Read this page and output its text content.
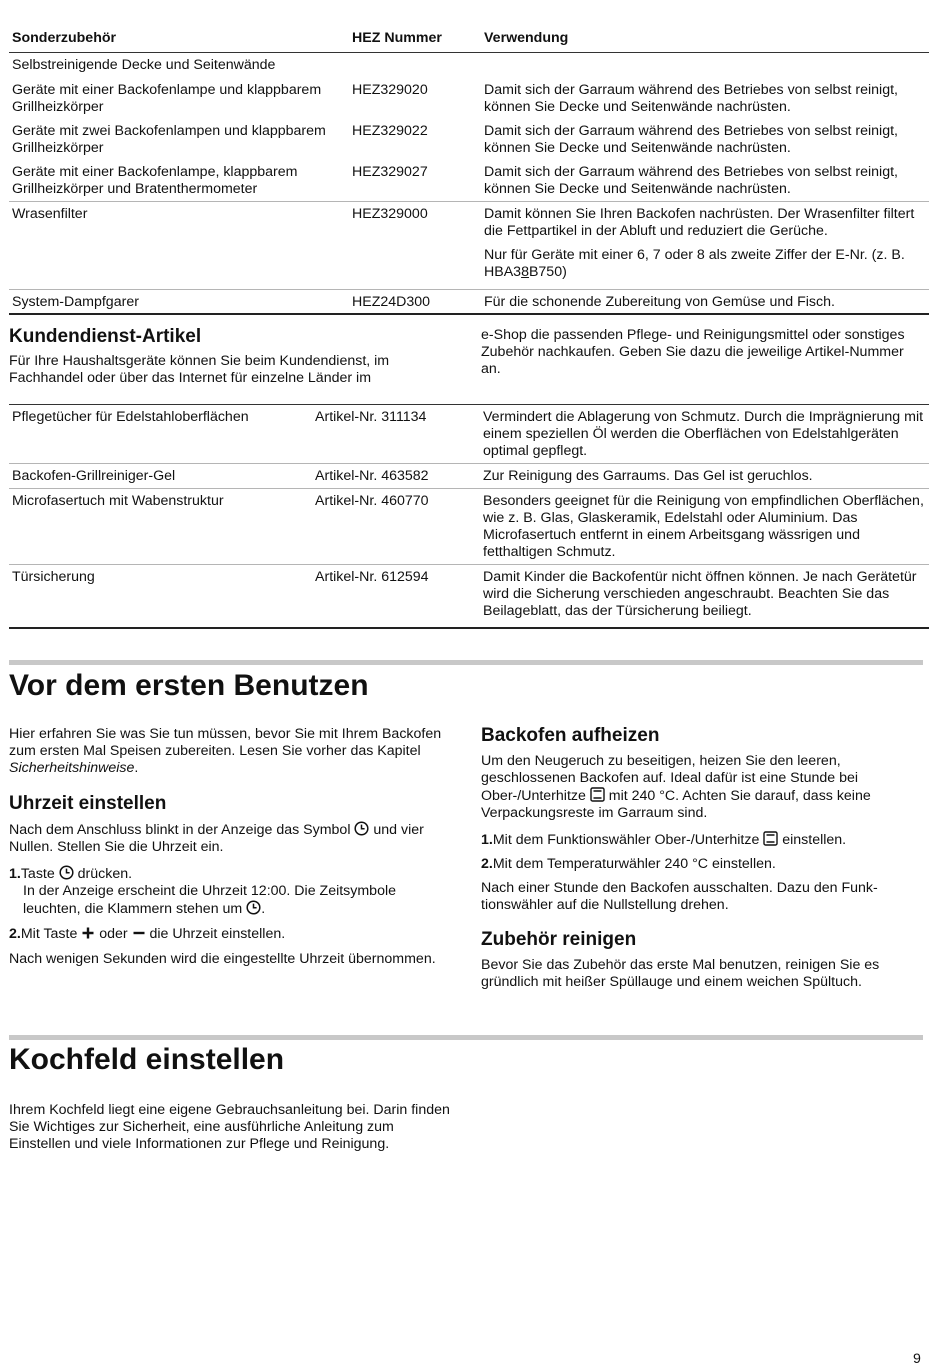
Sonderzubehör	HEZ Nummer	Verwendung
Selbstreinigende Decke und Seitenwände		
Geräte mit einer Backofenlampe und klappbarem Grillheizkörper	HEZ329020	Damit sich der Garraum während des Betriebes von selbst reinigt, können Sie Decke und Seitenwände nachrüsten.
Geräte mit zwei Backofenlampen und klappbarem Grillheizkörper	HEZ329022	Damit sich der Garraum während des Betriebes von selbst reinigt, können Sie Decke und Seitenwände nachrüsten.
Geräte mit einer Backofenlampe, klappbarem Grillheizkörper und Bratenthermometer	HEZ329027	Damit sich der Garraum während des Betriebes von selbst reinigt, können Sie Decke und Seitenwände nachrüsten.
Wrasenfilter	HEZ329000	Damit können Sie Ihren Backofen nachrüsten. Der Wrasenfilter filtert die Fettpartikel in der Abluft und reduziert die Gerüche.
Nur für Geräte mit einer 6, 7 oder 8 als zweite Ziffer der E-Nr. (z. B. HBA38B750)

System-Dampfgarer	HEZ24D300	Für die schonende Zubereitung von Gemüse und Fisch.
Kundendienst-Artikel

Für Ihre Haushaltsgeräte können Sie beim Kundendienst, im Fachhandel oder über das Internet für einzelne Länder im

e-Shop die passenden Pflege- und Reinigungsmittel oder sonstiges Zubehör nachkaufen. Geben Sie dazu die jeweilige Artikel-Nummer an.

Pflegetücher für Edelstahloberflächen	Artikel-Nr. 311134	Vermindert die Ablagerung von Schmutz. Durch die Imprägnierung mit einem speziellen Öl werden die Oberflächen von Edelstahlgeräten optimal gepflegt.
Backofen-Grillreiniger-Gel	Artikel-Nr. 463582	Zur Reinigung des Garraums. Das Gel ist geruchlos.
Microfasertuch mit Wabenstruktur	Artikel-Nr. 460770	Besonders geeignet für die Reinigung von empfindlichen Oberflächen, wie z. B. Glas, Glaskeramik, Edelstahl oder Aluminium. Das Microfasertuch entfernt in einem Arbeitsgang wässrigen und fetthaltigen Schmutz.
Türsicherung	Artikel-Nr. 612594	Damit Kinder die Backofentür nicht öffnen können. Je nach Gerätetür wird die Sicherung verschieden angeschraubt. Beachten Sie das Beilageblatt, das der Türsicherung beiliegt.
Vor dem ersten Benutzen

Hier erfahren Sie was Sie tun müssen, bevor Sie mit Ihrem Backofen zum ersten Mal Speisen zubereiten. Lesen Sie vorher das Kapitel Sicherheitshinweise.

Uhrzeit einstellen

Nach dem Anschluss blinkt in der Anzeige das Symbol
und vier Nullen. Stellen Sie die Uhrzeit ein.

1.Taste
drücken.

In der Anzeige erscheint die Uhrzeit 12:00. Die Zeitsymbole leuchten, die Klammern stehen um
.

2.Mit Taste
oder
die Uhrzeit einstellen.

Nach wenigen Sekunden wird die eingestellte Uhrzeit übernommen.

Backofen aufheizen

Um den Neugeruch zu beseitigen, heizen Sie den leeren, geschlossenen Backofen auf. Ideal dafür ist eine Stunde bei Ober-/Unterhitze
mit 240 °C. Achten Sie darauf, dass keine Verpackungsreste im Garraum sind.

1.Mit dem Funktionswähler Ober-/Unterhitze
einstellen.

2.Mit dem Temperaturwähler 240 °C einstellen.

Nach einer Stunde den Backofen ausschalten. Dazu den Funktionswähler auf die Nullstellung drehen.

Zubehör reinigen

Bevor Sie das Zubehör das erste Mal benutzen, reinigen Sie es gründlich mit heißer Spüllauge und einem weichen Spültuch.

Kochfeld einstellen

Ihrem Kochfeld liegt eine eigene Gebrauchsanleitung bei. Darin finden Sie Wichtiges zur Sicherheit, eine ausführliche Anleitung zum Einstellen und viele Informationen zur Pflege und Reinigung.

9
